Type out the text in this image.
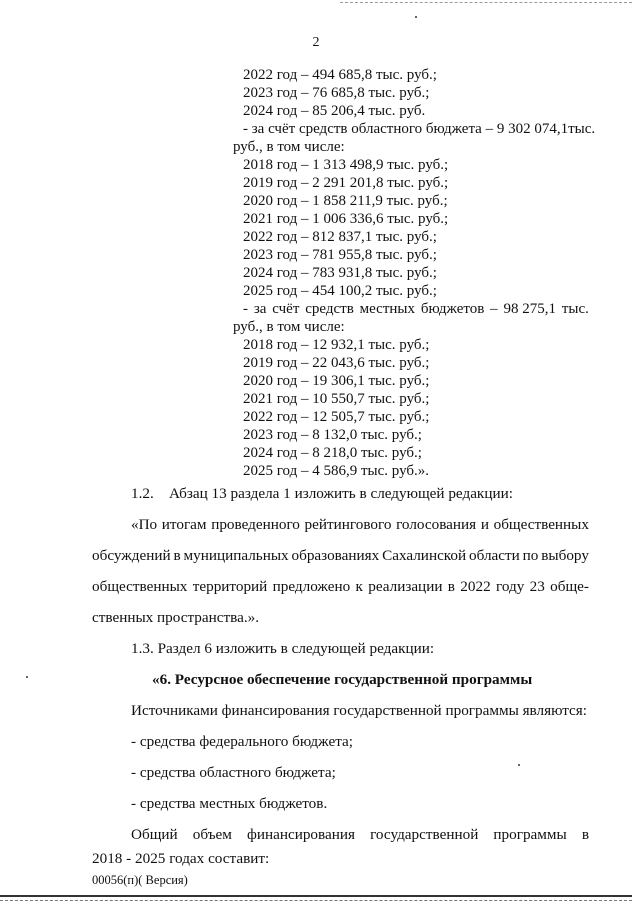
2
2022 год – 494 685,8 тыс. руб.;
2023 год – 76 685,8 тыс. руб.;
2024 год – 85 206,4 тыс. руб.
- за счёт средств областного бюджета – 9 302 074,1 тыс.
руб., в том числе:
2018 год – 1 313 498,9 тыс. руб.;
2019 год – 2 291 201,8 тыс. руб.;
2020 год – 1 858 211,9 тыс. руб.;
2021 год – 1 006 336,6 тыс. руб.;
2022 год – 812 837,1 тыс. руб.;
2023 год – 781 955,8 тыс. руб.;
2024 год – 783 931,8 тыс. руб.;
2025 год – 454 100,2 тыс. руб.;
- за счёт средств местных бюджетов – 98 275,1 тыс.
руб., в том числе:
2018 год – 12 932,1 тыс. руб.;
2019 год – 22 043,6 тыс. руб.;
2020 год – 19 306,1 тыс. руб.;
2021 год – 10 550,7 тыс. руб.;
2022 год – 12 505,7 тыс. руб.;
2023 год – 8 132,0 тыс. руб.;
2024 год – 8 218,0 тыс. руб.;
2025 год – 4 586,9 тыс. руб.».
1.2.    Абзац 13 раздела 1 изложить в следующей редакции:
«По итогам проведенного рейтингового голосования и общественных
обсуждений в муниципальных образованиях Сахалинской области по выбору
общественных территорий предложено к реализации в 2022 году 23 обще-
ственных пространства.».
1.3. Раздел 6 изложить в следующей редакции:
«6. Ресурсное обеспечение государственной программы
Источниками финансирования государственной программы являются:
- средства федерального бюджета;
- средства областного бюджета;
- средства местных бюджетов.
Общий объем финансирования государственной программы в
2018 - 2025 годах составит:
00056(п)( Версия)
